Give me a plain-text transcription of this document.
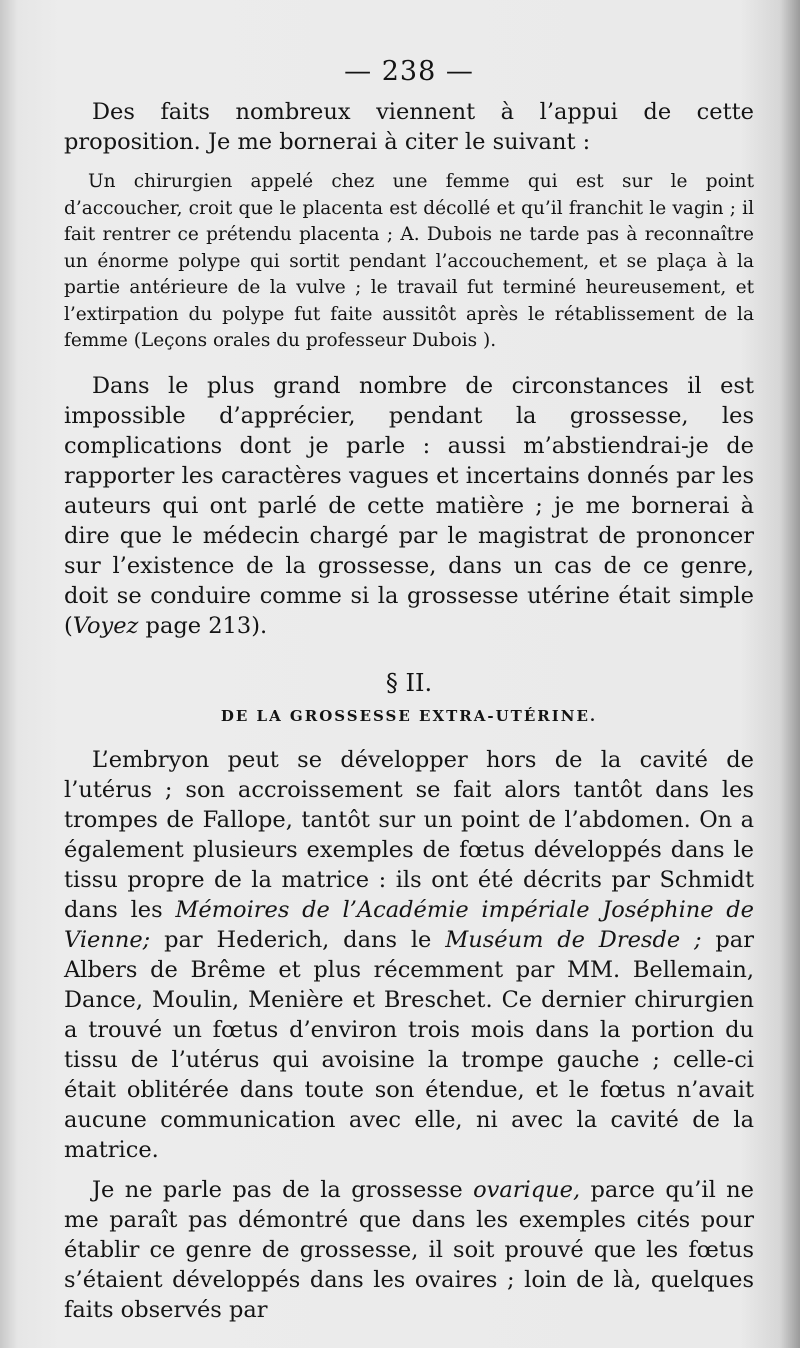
— 238 —

Des faits nombreux viennent à l’appui de cette proposition. Je me bornerai à citer le suivant :

Un chirurgien appelé chez une femme qui est sur le point d’accoucher, croit que le placenta est décollé et qu’il franchit le vagin ; il fait rentrer ce prétendu placenta ; A. Dubois ne tarde pas à reconnaître un énorme polype qui sortit pendant l’accouchement, et se plaça à la partie antérieure de la vulve ; le travail fut terminé heureusement, et l’extirpation du polype fut faite aussitôt après le rétablissement de la femme (Leçons orales du professeur Dubois ).

Dans le plus grand nombre de circonstances il est impossible d’apprécier, pendant la grossesse, les complications dont je parle : aussi m’abstiendrai-je de rapporter les caractères vagues et incertains donnés par les auteurs qui ont parlé de cette matière ; je me bornerai à dire que le médecin chargé par le magistrat de prononcer sur l’existence de la grossesse, dans un cas de ce genre, doit se conduire comme si la grossesse utérine était simple (Voyez page 213).

§ II.
DE LA GROSSESSE EXTRA-UTÉRINE.

L’embryon peut se développer hors de la cavité de l’utérus ; son accroissement se fait alors tantôt dans les trompes de Fallope, tantôt sur un point de l’abdomen. On a également plusieurs exemples de fœtus développés dans le tissu propre de la matrice : ils ont été décrits par Schmidt dans les Mémoires de l’Académie impériale Joséphine de Vienne; par Hederich, dans le Muséum de Dresde ; par Albers de Brême et plus récemment par MM. Bellemain, Dance, Moulin, Menière et Breschet. Ce dernier chirurgien a trouvé un fœtus d’environ trois mois dans la portion du tissu de l’utérus qui avoisine la trompe gauche ; celle-ci était oblitérée dans toute son étendue, et le fœtus n’avait aucune communication avec elle, ni avec la cavité de la matrice.

Je ne parle pas de la grossesse ovarique, parce qu’il ne me paraît pas démontré que dans les exemples cités pour établir ce genre de grossesse, il soit prouvé que les fœtus s’étaient développés dans les ovaires ; loin de là, quelques faits observés par
